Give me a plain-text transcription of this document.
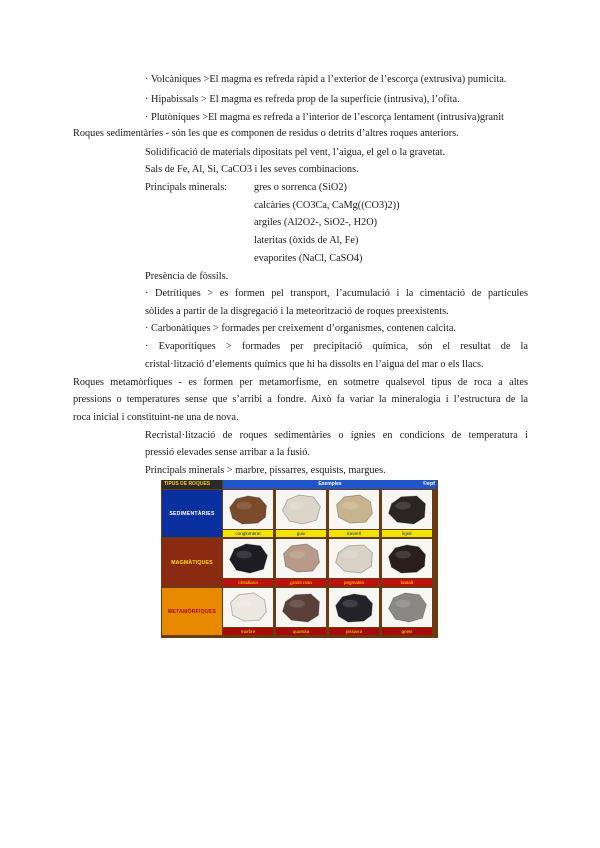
· Volcàniques >El magma es refreda ràpid a l’exterior de l’escorça (extrusiva) pumicita.
· Hipabissals > El magma es refreda prop de la superfície (intrusiva), l’ofita.
· Plutòniques >El magma es refreda a l’interior de l’escorça lentament (intrusiva)granit
Roques sedimentàries - són les que es componen de residus o detrits d’altres roques anteriors.
Solidificació de materials dipositats pel vent, l’aigua, el gel o la gravetat.
Sals de Fe, Al, Si, CaCO3 i les seves combinacions.
Principals minerals:	gres o sorrenca (SiO2)
calcàries (CO3Ca, CaMg((CO3)2))
argiles (Al2O2-, SiO2-, H2O)
lateritas (òxids de Al, Fe)
evaporites (NaCl, CaSO4)
Presència de fòssils.
· Detrítiques > es formen pel transport, l’acumulació i la cimentació de partícules
sòlides a partir de la disgregació i la meteorització de roques preexistents.
· Carbonàtiques > formades per creixement d’organismes, contenen calcita.
· Evaporítiques > formades per precipitació química, són el resultat de la
cristal·lització d’elements químics que hi ha dissolts en l’aigua del mar o els llacs.
Roques metamòrfiques - es formen per metamorfisme, en sotmetre qualsevol tipus de roca a altes
pressions o temperatures sense que s’arribi a fondre. Això fa variar la mineralogia i l’estructura de la
roca inicial i constituint-ne una de nova.
Recristal·lització de roques sedimentàries o ígnies en condicions de temperatura i
pressió elevades sense arribar a la fusió.
Principals minerals > marbre, pissarres, esquists, margues.
TIPUS DE ROQUES	Exemples	©epf
SEDIMENTÀRIES
conglomerat	guix	travertí	lignit
MAGMÀTIQUES
obsidiana	granit rosa	pegmatita	basalt
METAMÒRFIQUES
marbre	quarsita	pissarra	gneis
